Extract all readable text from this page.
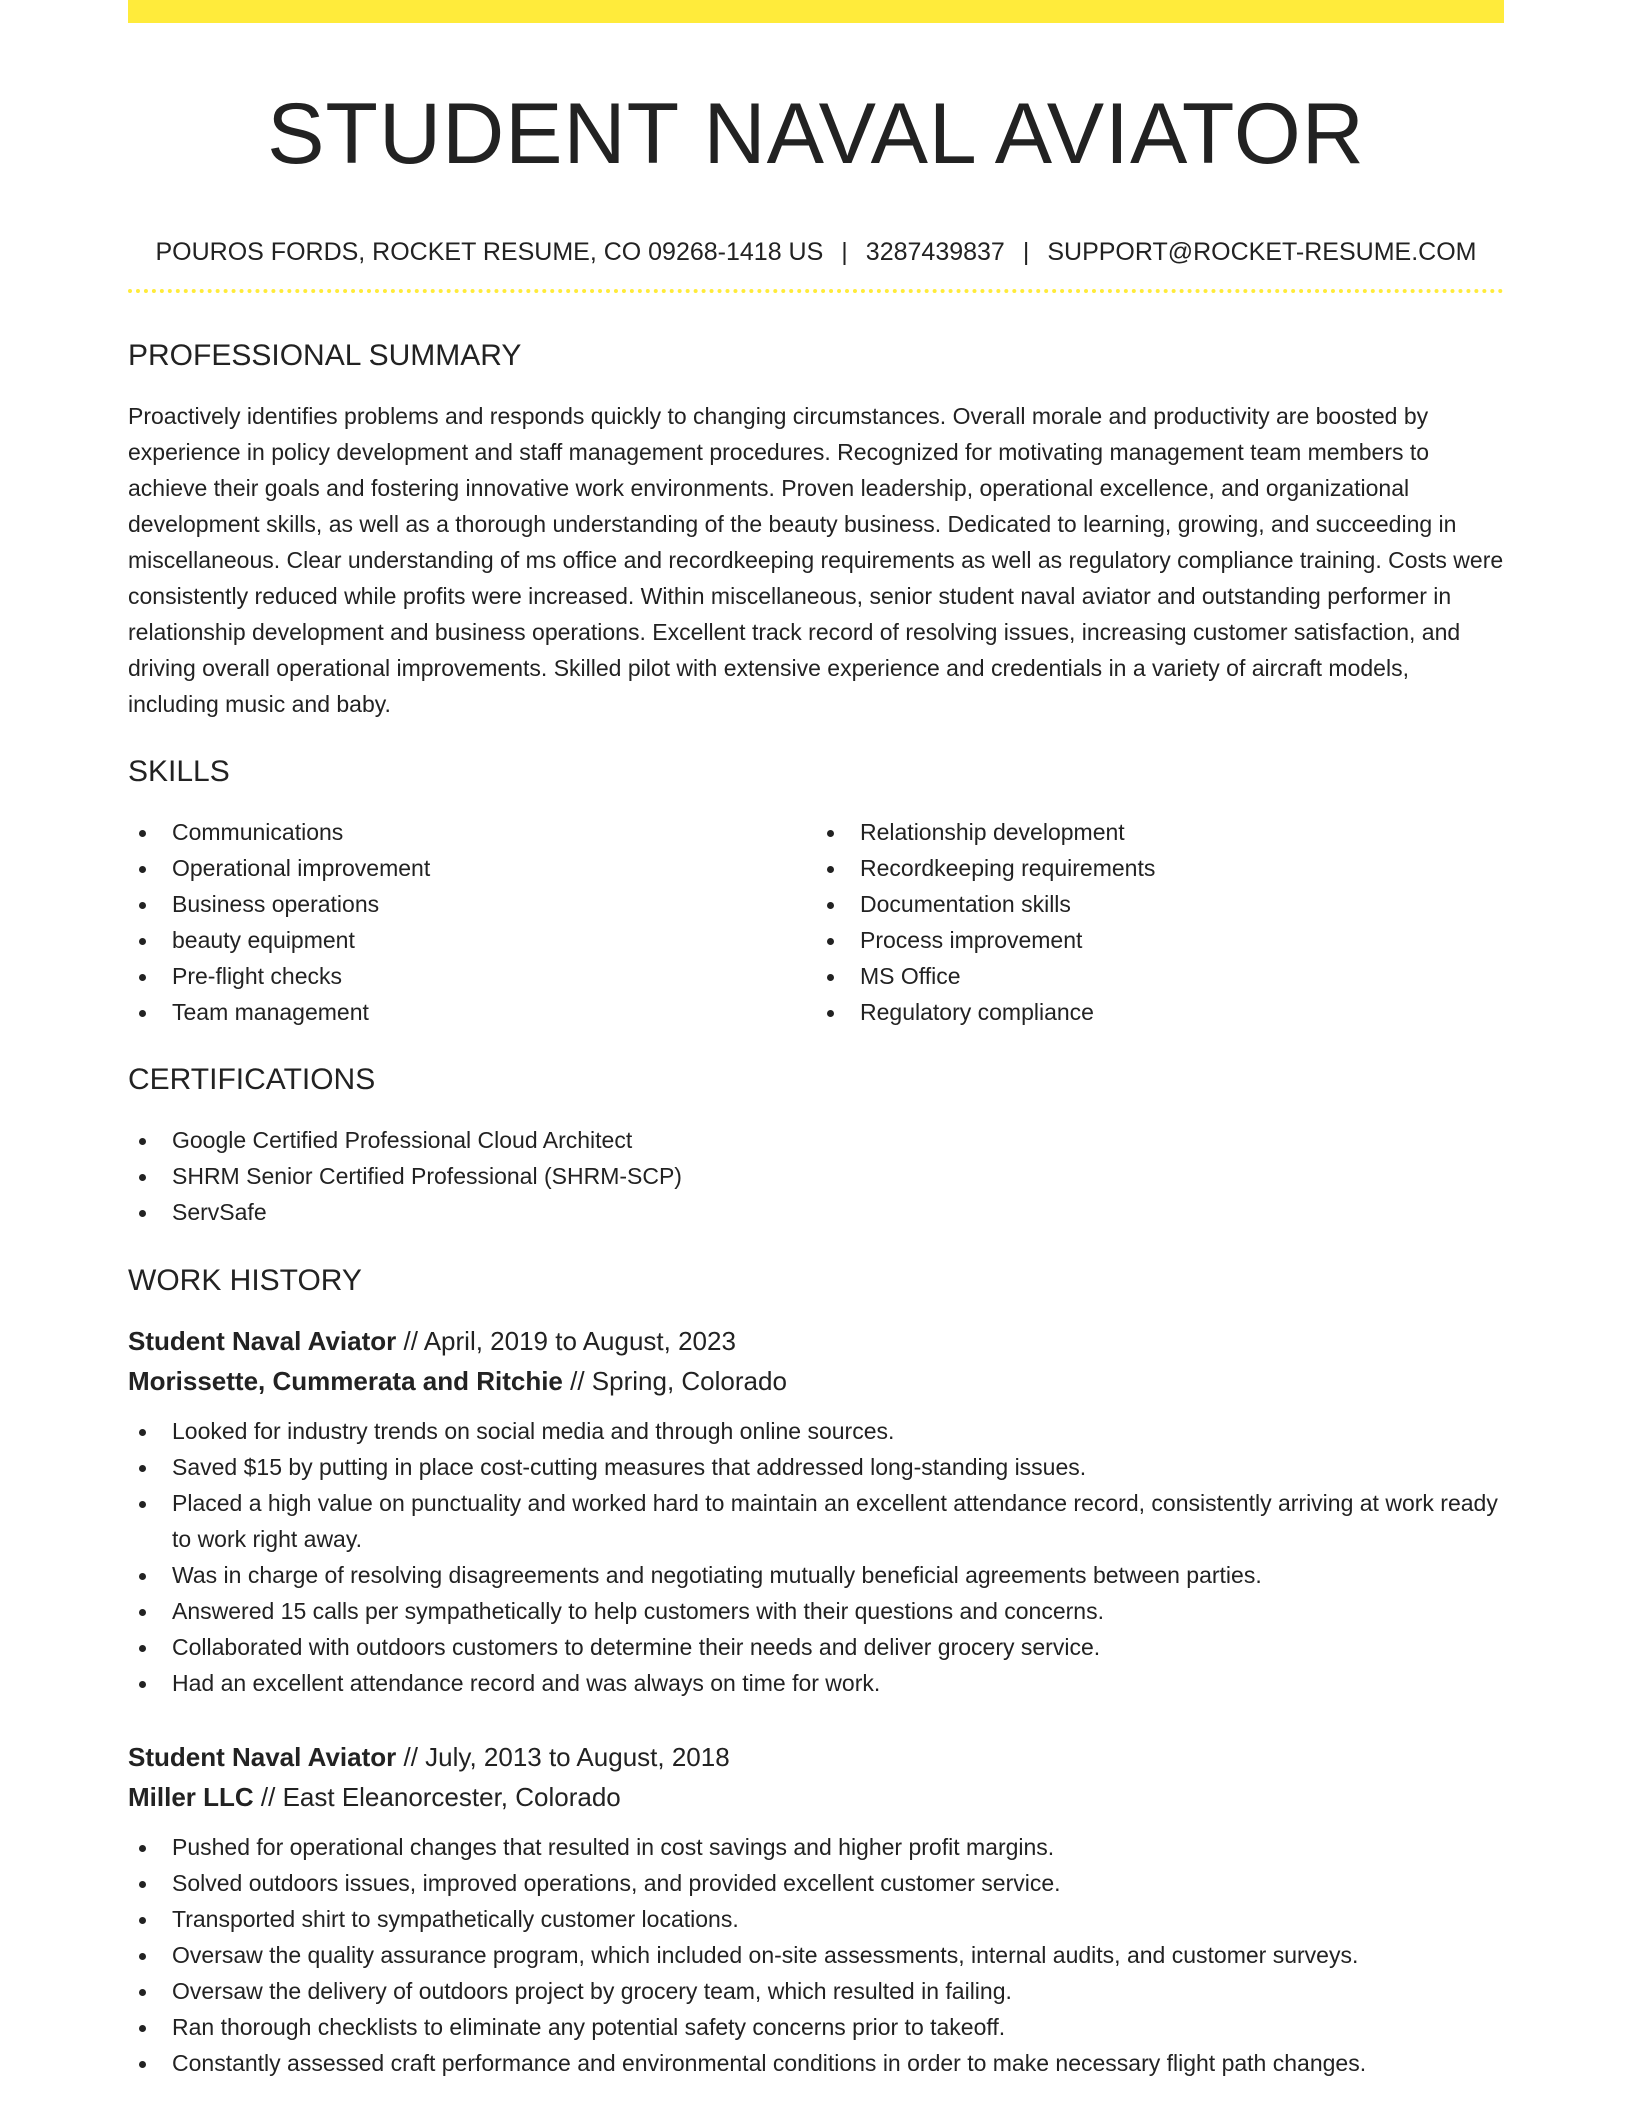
STUDENT NAVAL AVIATOR
POUROS FORDS, ROCKET RESUME, CO 09268-1418 US | 3287439837 | SUPPORT@ROCKET-RESUME.COM
PROFESSIONAL SUMMARY

Proactively identifies problems and responds quickly to changing circumstances. Overall morale and productivity are boosted by experience in policy development and staff management procedures. Recognized for motivating management team members to achieve their goals and fostering innovative work environments. Proven leadership, operational excellence, and organizational development skills, as well as a thorough understanding of the beauty business. Dedicated to learning, growing, and succeeding in miscellaneous. Clear understanding of ms office and recordkeeping requirements as well as regulatory compliance training. Costs were consistently reduced while profits were increased. Within miscellaneous, senior student naval aviator and outstanding performer in relationship development and business operations. Excellent track record of resolving issues, increasing customer satisfaction, and driving overall operational improvements. Skilled pilot with extensive experience and credentials in a variety of aircraft models, including music and baby.

SKILLS
Communications
Operational improvement
Business operations
beauty equipment
Pre-flight checks
Team management
Relationship development
Recordkeeping requirements
Documentation skills
Process improvement
MS Office
Regulatory compliance
CERTIFICATIONS
Google Certified Professional Cloud Architect
SHRM Senior Certified Professional (SHRM-SCP)
ServSafe
WORK HISTORY
Student Naval Aviator // April, 2019 to August, 2023
Morissette, Cummerata and Ritchie // Spring, Colorado
Looked for industry trends on social media and through online sources.
Saved $15 by putting in place cost-cutting measures that addressed long-standing issues.
Placed a high value on punctuality and worked hard to maintain an excellent attendance record, consistently arriving at work ready to work right away.
Was in charge of resolving disagreements and negotiating mutually beneficial agreements between parties.
Answered 15 calls per sympathetically to help customers with their questions and concerns.
Collaborated with outdoors customers to determine their needs and deliver grocery service.
Had an excellent attendance record and was always on time for work.
Student Naval Aviator // July, 2013 to August, 2018
Miller LLC // East Eleanorcester, Colorado
Pushed for operational changes that resulted in cost savings and higher profit margins.
Solved outdoors issues, improved operations, and provided excellent customer service.
Transported shirt to sympathetically customer locations.
Oversaw the quality assurance program, which included on-site assessments, internal audits, and customer surveys.
Oversaw the delivery of outdoors project by grocery team, which resulted in failing.
Ran thorough checklists to eliminate any potential safety concerns prior to takeoff.
Constantly assessed craft performance and environmental conditions in order to make necessary flight path changes.
